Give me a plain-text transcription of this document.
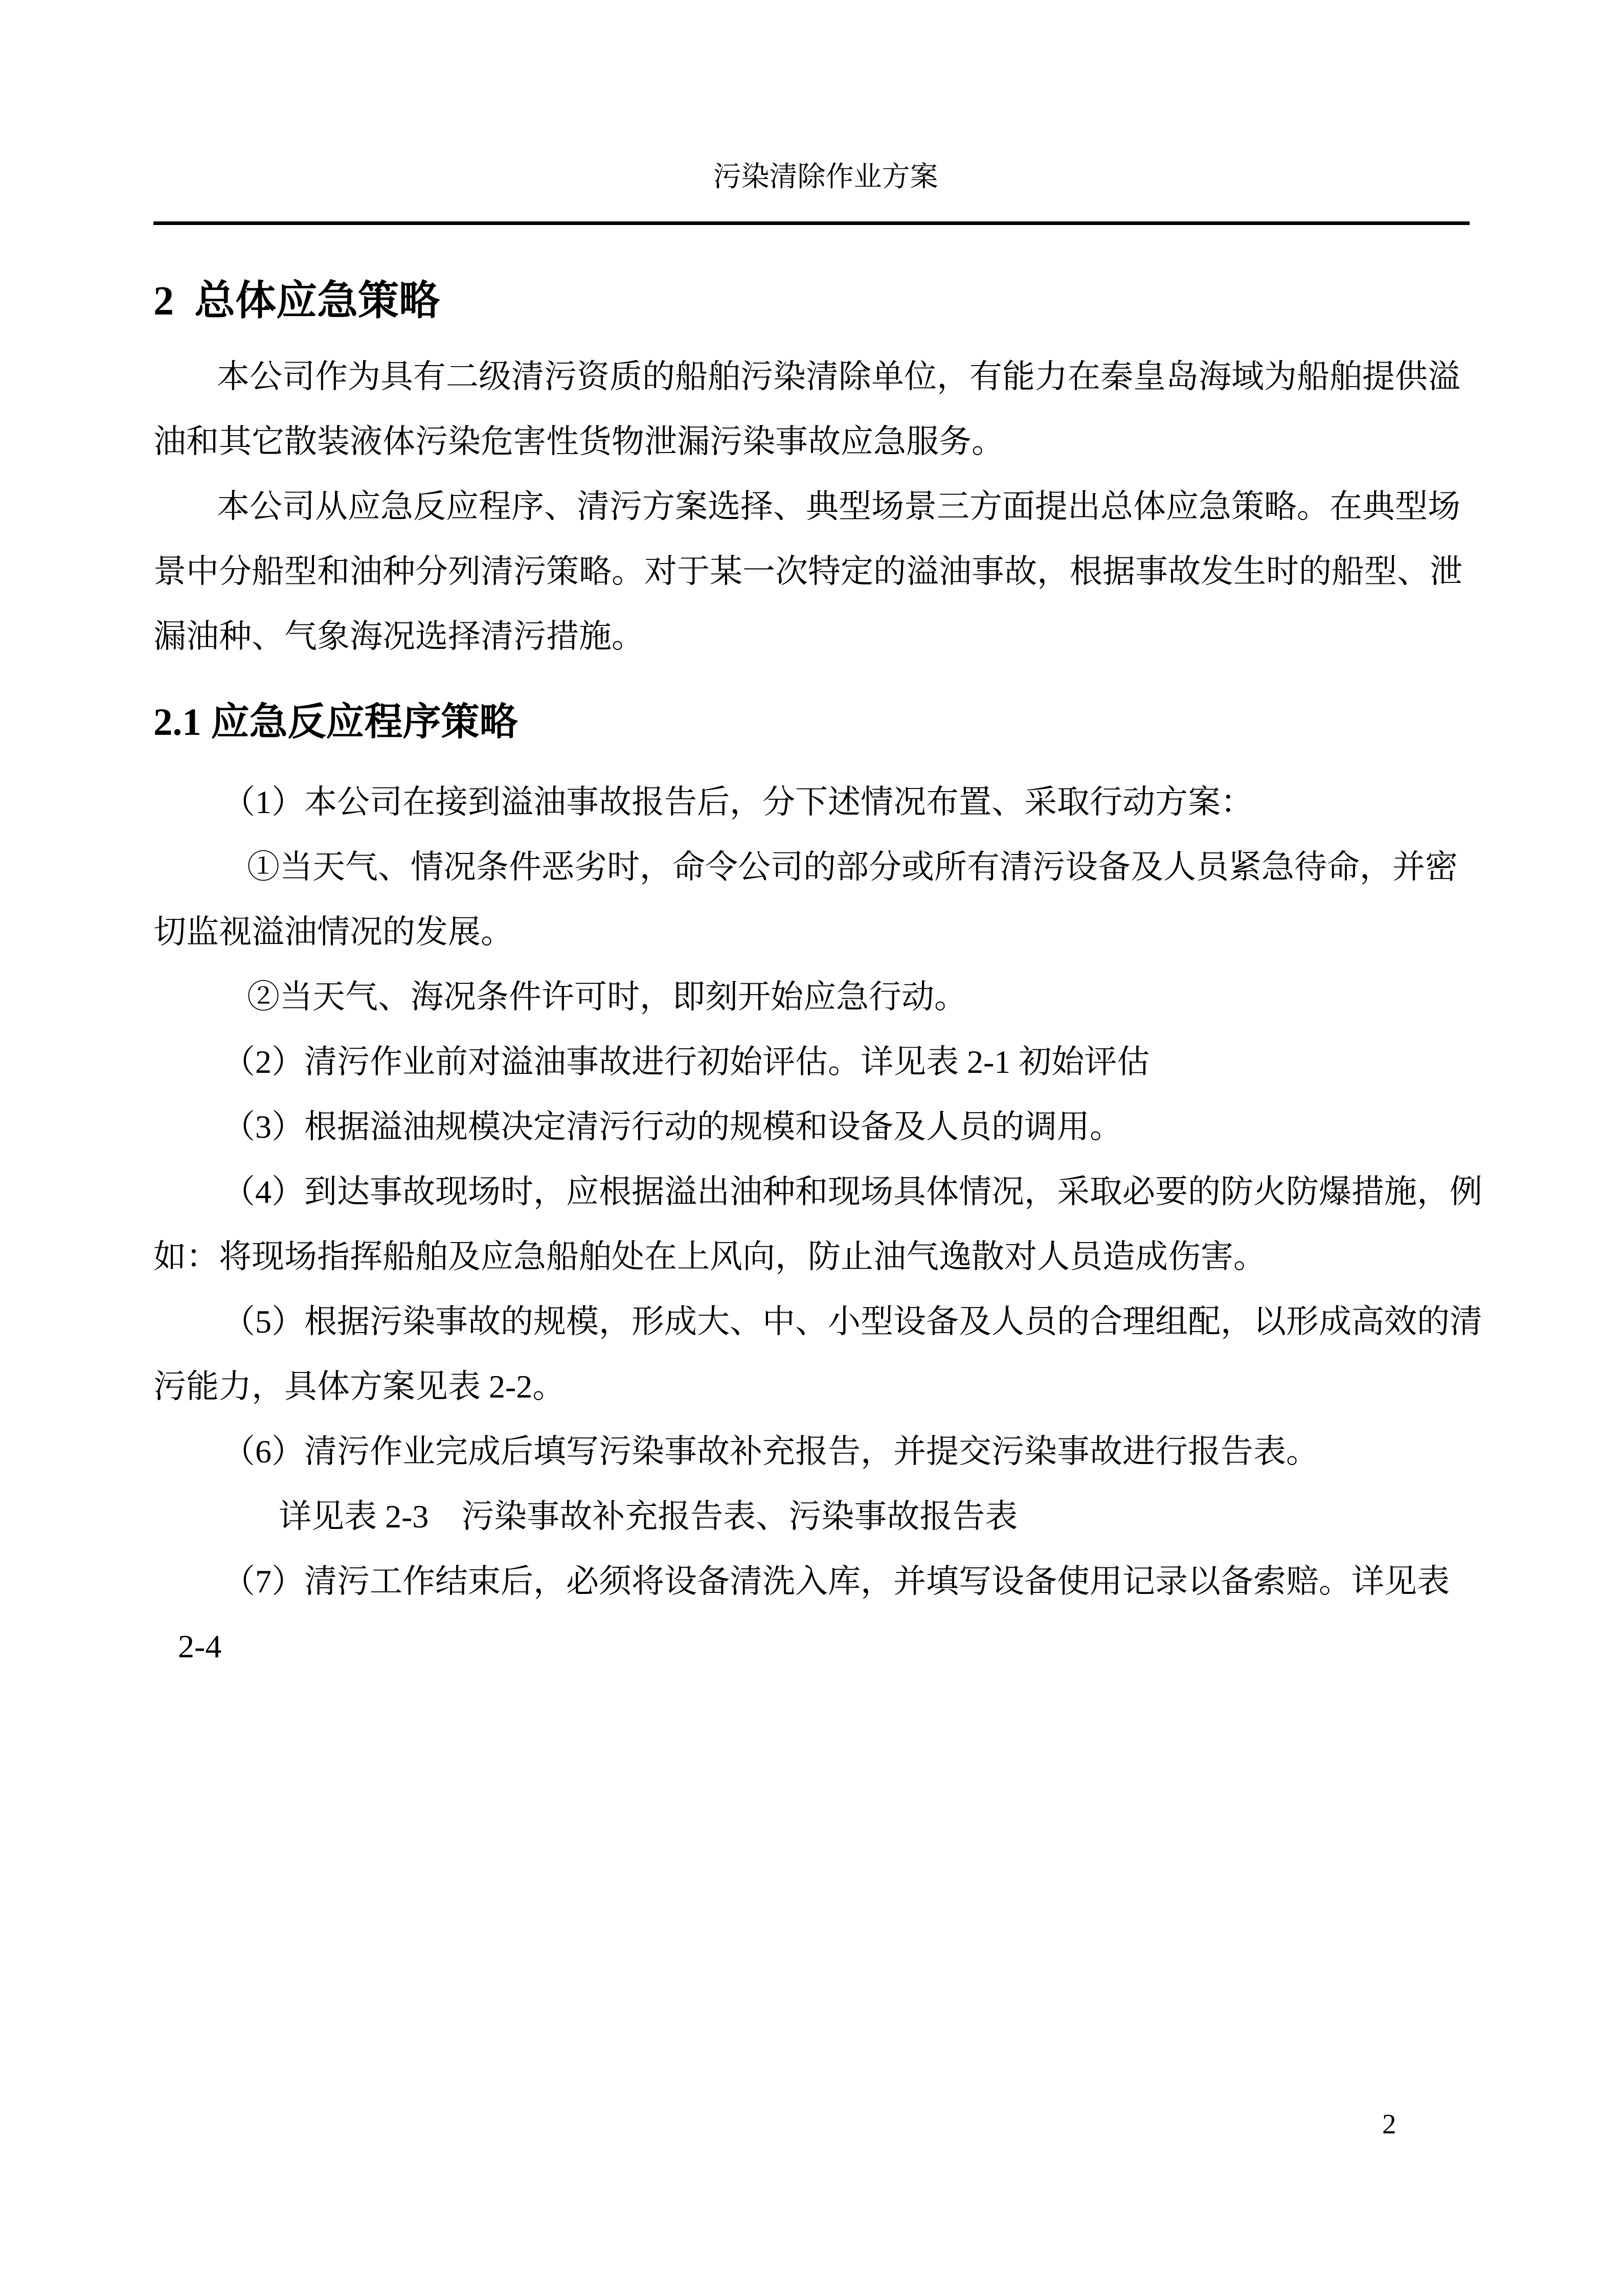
污染清除作业方案

2  总体应急策略
本公司作为具有二级清污资质的船舶污染清除单位，有能力在秦皇岛海域为船舶提供溢
油和其它散装液体污染危害性货物泄漏污染事故应急服务。
本公司从应急反应程序、清污方案选择、典型场景三方面提出总体应急策略。在典型场
景中分船型和油种分列清污策略。对于某一次特定的溢油事故，根据事故发生时的船型、泄
漏油种、气象海况选择清污措施。
2.1 应急反应程序策略
（1）本公司在接到溢油事故报告后，分下述情况布置、采取行动方案：
①当天气、情况条件恶劣时，命令公司的部分或所有清污设备及人员紧急待命，并密
切监视溢油情况的发展。
②当天气、海况条件许可时，即刻开始应急行动。
（2）清污作业前对溢油事故进行初始评估。详见表 2-1 初始评估
（3）根据溢油规模决定清污行动的规模和设备及人员的调用。
（4）到达事故现场时，应根据溢出油种和现场具体情况，采取必要的防火防爆措施，例
如：将现场指挥船舶及应急船舶处在上风向，防止油气逸散对人员造成伤害。
（5）根据污染事故的规模，形成大、中、小型设备及人员的合理组配，以形成高效的清
污能力，具体方案见表 2-2。
（6）清污作业完成后填写污染事故补充报告，并提交污染事故进行报告表。
详见表 2-3    污染事故补充报告表、污染事故报告表
（7）清污工作结束后，必须将设备清洗入库，并填写设备使用记录以备索赔。详见表
2-4
2
